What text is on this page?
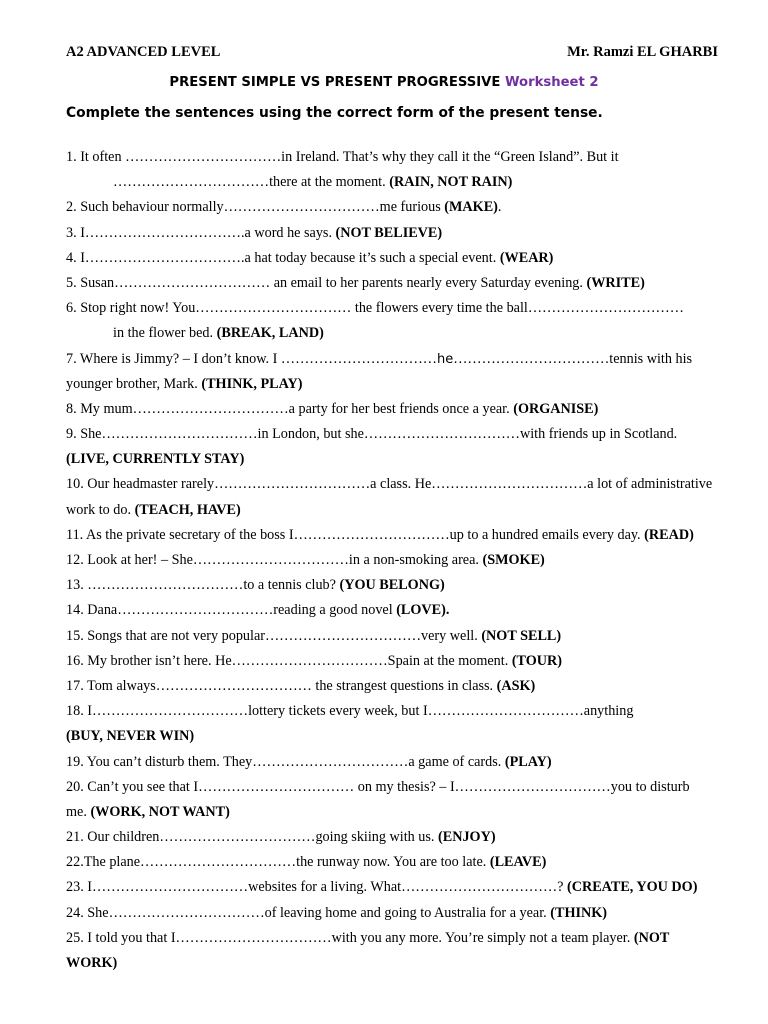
A2 ADVANCED LEVEL	Mr. Ramzi EL GHARBI
PRESENT SIMPLE VS PRESENT PROGRESSIVE Worksheet 2
Complete the sentences using the correct form of the present tense.
1. It often ……………………………in Ireland. That’s why they call it the “Green Island”. But it
……………………………there at the moment. (RAIN, NOT RAIN)
2. Such behaviour normally……………………………me furious (MAKE).
3. I…………………………….a word he says. (NOT BELIEVE)
4. I…………………………….a hat today because it’s such a special event. (WEAR)
5. Susan…………………………… an email to her parents nearly every Saturday evening. (WRITE)
6. Stop right now! You…………………………… the flowers every time the ball……………………………
in the flower bed. (BREAK, LAND)
7. Where is Jimmy? – I don’t know. I ……………………………he……………………………tennis with his
younger brother, Mark. (THINK, PLAY)
8. My mum……………………………a party for her best friends once a year. (ORGANISE)
9. She……………………………in London, but she……………………………with friends up in Scotland.
(LIVE, CURRENTLY STAY)
10. Our headmaster rarely……………………………a class. He……………………………a lot of administrative
work to do. (TEACH, HAVE)
11. As the private secretary of the boss I……………………………up to a hundred emails every day. (READ)
12. Look at her! – She……………………………in a non-smoking area. (SMOKE)
13. ……………………………to a tennis club? (YOU BELONG)
14. Dana……………………………reading a good novel (LOVE).
15. Songs that are not very popular……………………………very well. (NOT SELL)
16. My brother isn’t here. He……………………………Spain at the moment. (TOUR)
17. Tom always…………………………… the strangest questions in class. (ASK)
18. I……………………………lottery tickets every week, but I……………………………anything
(BUY, NEVER WIN)
19. You can’t disturb them. They……………………………a game of cards. (PLAY)
20. Can’t you see that I…………………………… on my thesis? – I……………………………you to disturb
me. (WORK, NOT WANT)
21. Our children……………………………going skiing with us. (ENJOY)
22.The plane……………………………the runway now. You are too late. (LEAVE)
23. I……………………………websites for a living. What……………………………? (CREATE, YOU DO)
24. She……………………………of leaving home and going to Australia for a year. (THINK)
25. I told you that I……………………………with you any more. You’re simply not a team player. (NOT
WORK)
